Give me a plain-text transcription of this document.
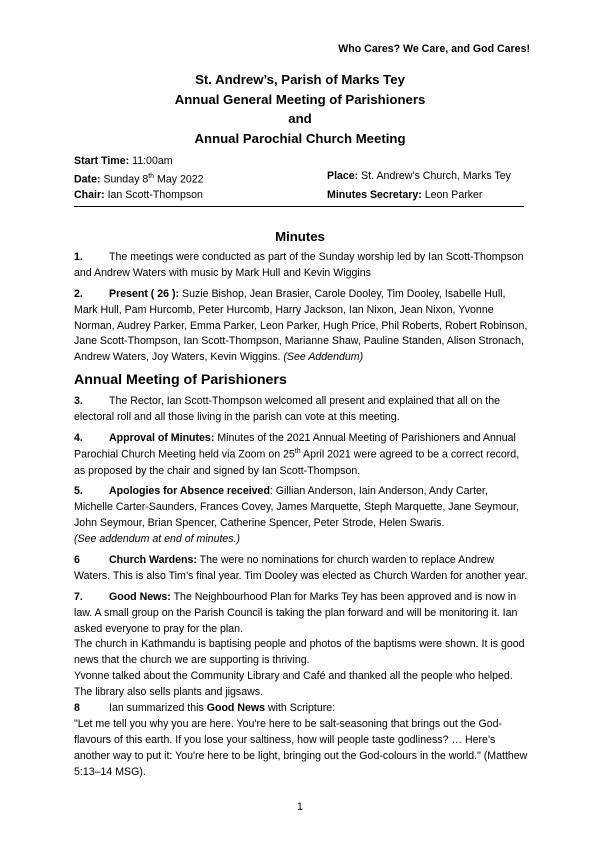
Who Cares? We Care, and God Cares!
St. Andrew’s, Parish of Marks Tey
Annual General Meeting of Parishioners
and
Annual Parochial Church Meeting
Start Time: 11:00am
Date: Sunday 8th May 2022	Place: St. Andrew’s Church, Marks Tey
Chair: Ian Scott-Thompson	Minutes Secretary: Leon Parker
Minutes

1. The meetings were conducted as part of the Sunday worship led by Ian Scott-Thompson and Andrew Waters with music by Mark Hull and Kevin Wiggins

2. Present ( 26 ): Suzie Bishop, Jean Brasier, Carole Dooley, Tim Dooley, Isabelle Hull, Mark Hull, Pam Hurcomb, Peter Hurcomb, Harry Jackson, Ian Nixon, Jean Nixon, Yvonne Norman, Audrey Parker, Emma Parker, Leon Parker, Hugh Price, Phil Roberts, Robert Robinson, Jane Scott-Thompson, Ian Scott-Thompson, Marianne Shaw, Pauline Standen, Alison Stronach, Andrew Waters, Joy Waters, Kevin Wiggins. (See Addendum)

Annual Meeting of Parishioners

3. The Rector, Ian Scott-Thompson welcomed all present and explained that all on the electoral roll and all those living in the parish can vote at this meeting.

4. Approval of Minutes: Minutes of the 2021 Annual Meeting of Parishioners and Annual Parochial Church Meeting held via Zoom on 25th April 2021 were agreed to be a correct record, as proposed by the chair and signed by Ian Scott-Thompson.

5. Apologies for Absence received: Gillian Anderson, Iain Anderson, Andy Carter, Michelle Carter-Saunders, Frances Covey, James Marquette, Steph Marquette, Jane Seymour, John Seymour, Brian Spencer, Catherine Spencer, Peter Strode, Helen Swaris.
(See addendum at end of minutes.)

6	Church Wardens: The were no nominations for church warden to replace Andrew Waters. This is also Tim’s final year. Tim Dooley was elected as Church Warden for another year.

7. Good News: The Neighbourhood Plan for Marks Tey has been approved and is now in law. A small group on the Parish Council is taking the plan forward and will be monitoring it. Ian asked everyone to pray for the plan.

The church in Kathmandu is baptising people and photos of the baptisms were shown. It is good news that the church we are supporting is thriving.

Yvonne talked about the Community Library and Café and thanked all the people who helped. The library also sells plants and jigsaws.

8	Ian summarized this Good News with Scripture:

"Let me tell you why you are here. You're here to be salt-seasoning that brings out the God-flavours of this earth. If you lose your saltiness, how will people taste godliness? … Here's another way to put it: You're here to be light, bringing out the God-colours in the world." (Matthew 5:13–14 MSG).

1
